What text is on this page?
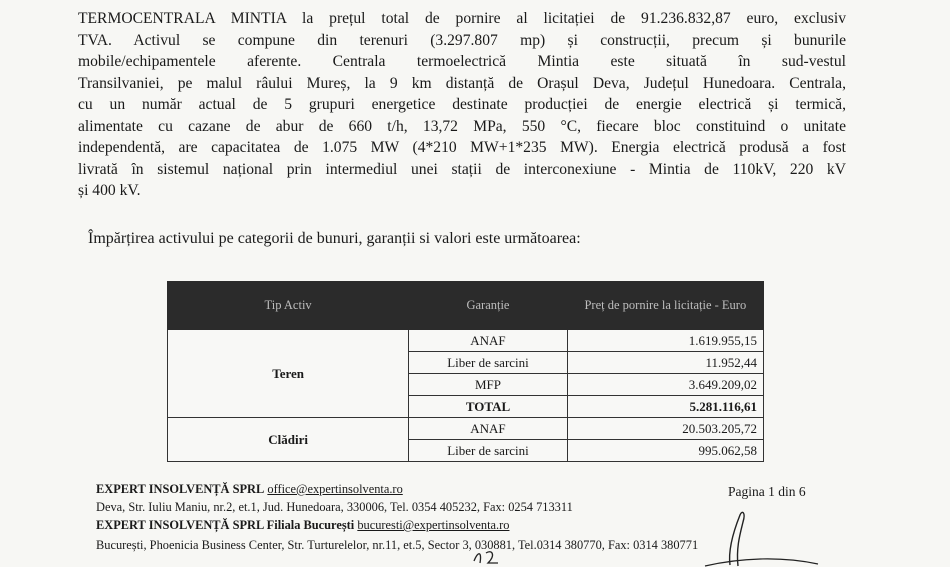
TERMOCENTRALA MINTIA la prețul total de pornire al licitației de 91.236.832,87 euro, exclusiv
TVA. Activul se compune din terenuri (3.297.807 mp) și construcții, precum și bunurile
mobile/echipamentele aferente. Centrala termoelectrică Mintia este situată în sud-vestul
Transilvaniei, pe malul râului Mureș, la 9 km distanță de Orașul Deva, Județul Hunedoara. Centrala,
cu un număr actual de 5 grupuri energetice destinate producției de energie electrică și termică,
alimentate cu cazane de abur de 660 t/h, 13,72 MPa, 550 °C, fiecare bloc constituind o unitate
independentă, are capacitatea de 1.075 MW (4*210 MW+1*235 MW). Energia electrică produsă a fost
livrată în sistemul național prin intermediul unei stații de interconexiune - Mintia de 110kV, 220 kV
și 400 kV.

Împărțirea activului pe categorii de bunuri, garanții si valori este următoarea:

Tip Activ	Garanție	Preț de pornire la licitație - Euro
Teren	ANAF	1.619.955,15
	Liber de sarcini	11.952,44
	MFP	3.649.209,02
	TOTAL	5.281.116,61
Clădiri	ANAF	20.503.205,72
	Liber de sarcini	995.062,58

EXPERT INSOLVENȚĂ SPRL office@expertinsolventa.ro	Pagina 1 din 6

Deva, Str. Iuliu Maniu, nr.2, et.1, Jud. Hunedoara, 330006, Tel. 0354 405232, Fax: 0254 713311

EXPERT INSOLVENȚĂ SPRL Filiala București bucuresti@expertinsolventa.ro

București, Phoenicia Business Center, Str. Turturelelor, nr.11, et.5, Sector 3, 030881, Tel.0314 380770, Fax: 0314 380771
